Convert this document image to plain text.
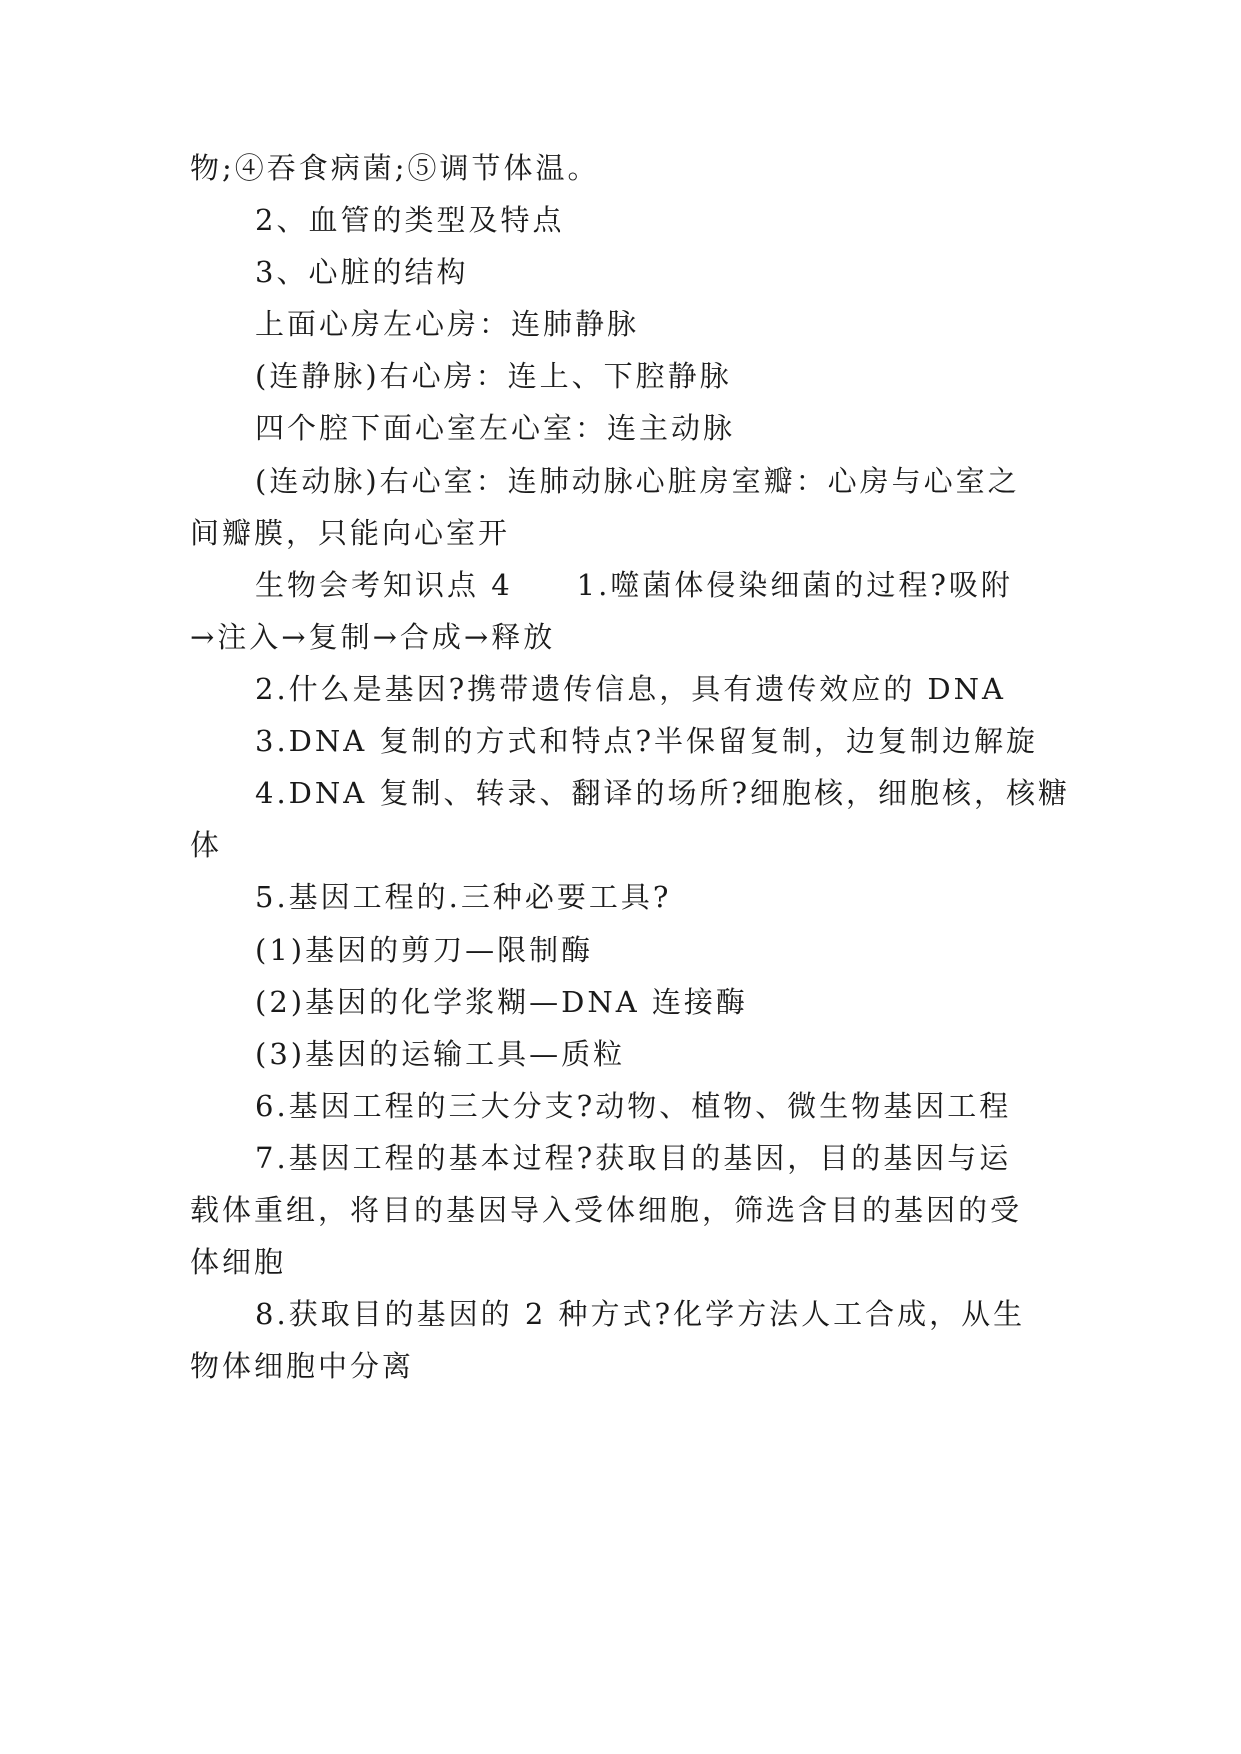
物;④吞食病菌;⑤调节体温。
2、血管的类型及特点
3、心脏的结构
上面心房左心房：连肺静脉
(连静脉)右心房：连上、下腔静脉
四个腔下面心室左心室：连主动脉
(连动脉)右心室：连肺动脉心脏房室瓣：心房与心室之
间瓣膜，只能向心室开
生物会考知识点 4　　1.噬菌体侵染细菌的过程?吸附
→注入→复制→合成→释放
2.什么是基因?携带遗传信息，具有遗传效应的 DNA
3.DNA 复制的方式和特点?半保留复制，边复制边解旋
4.DNA 复制、转录、翻译的场所?细胞核，细胞核，核糖
体
5.基因工程的.三种必要工具?
(1)基因的剪刀—限制酶
(2)基因的化学浆糊—DNA 连接酶
(3)基因的运输工具—质粒
6.基因工程的三大分支?动物、植物、微生物基因工程
7.基因工程的基本过程?获取目的基因，目的基因与运
载体重组，将目的基因导入受体细胞，筛选含目的基因的受
体细胞
8.获取目的基因的 2 种方式?化学方法人工合成，从生
物体细胞中分离
